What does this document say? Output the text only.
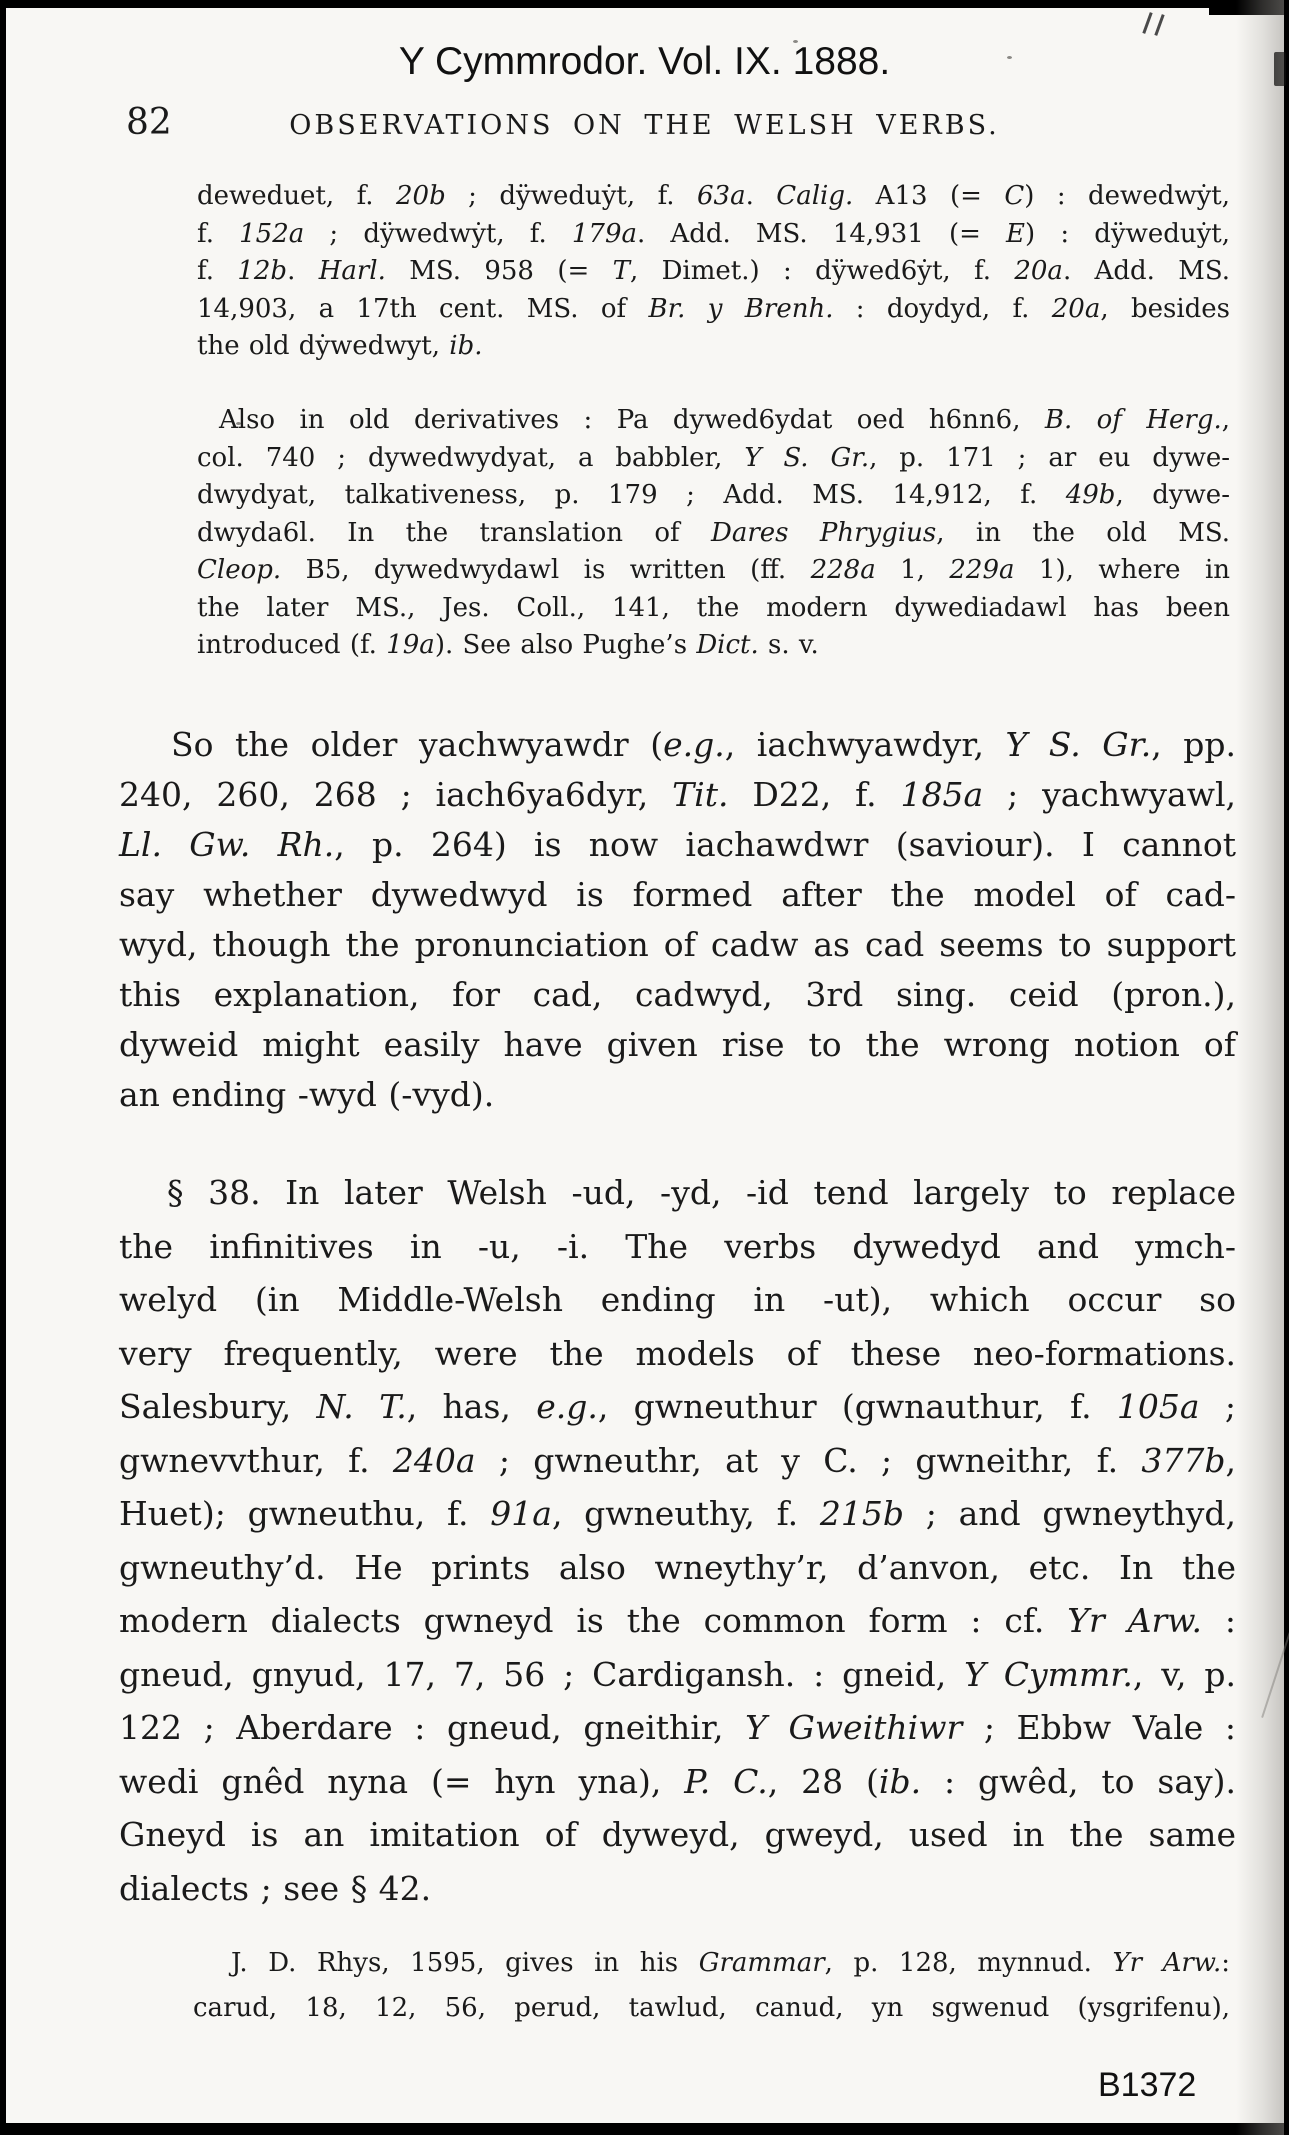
Y Cymmrodor. Vol. IX. 1888.
82	OBSERVATIONS ON THE WELSH VERBS.
deweduet, f. 20b ; dÿweduẏt, f. 63a. Calig. A13 (= C) : dewedwẏt,
f. 152a ; dÿwedwẏt, f. 179a. Add. MS. 14,931 (= E) : dÿweduẏt,
f. 12b. Harl. MS. 958 (= T, Dimet.) : dÿwed6ẏt, f. 20a. Add. MS.
14,903, a 17th cent. MS. of Br. y Brenh. : doydyd, f. 20a, besides
the old dẏwedwyt, ib.
Also in old derivatives : Pa dywed6ydat oed h6nn6, B. of Herg.,
col. 740 ; dywedwydyat, a babbler, Y S. Gr., p. 171 ; ar eu dywe-
dwydyat, talkativeness, p. 179 ; Add. MS. 14,912, f. 49b, dywe-
dwyda6l. In the translation of Dares Phrygius, in the old MS.
Cleop. B5, dywedwydawl is written (ff. 228a 1, 229a 1), where in
the later MS., Jes. Coll., 141, the modern dywediadawl has been
introduced (f. 19a). See also Pughe’s Dict. s. v.
So the older yachwyawdr (e.g., iachwyawdyr, Y S. Gr., pp.
240, 260, 268 ; iach6ya6dyr, Tit. D22, f. 185a ; yachwyawl,
Ll. Gw. Rh., p. 264) is now iachawdwr (saviour). I cannot
say whether dywedwyd is formed after the model of cad-
wyd, though the pronunciation of cadw as cad seems to support
this explanation, for cad, cadwyd, 3rd sing. ceid (pron.),
dyweid might easily have given rise to the wrong notion of
an ending -wyd (-vyd).
§ 38. In later Welsh -ud, -yd, -id tend largely to replace
the infinitives in -u, -i. The verbs dywedyd and ymch-
welyd (in Middle-Welsh ending in -ut), which occur so
very frequently, were the models of these neo-formations.
Salesbury, N. T., has, e.g., gwneuthur (gwnauthur, f. 105a ;
gwnevvthur, f. 240a ; gwneuthr, at y C. ; gwneithr, f. 377b,
Huet); gwneuthu, f. 91a, gwneuthy, f. 215b ; and gwneythyd,
gwneuthy’d. He prints also wneythy’r, d’anvon, etc. In the
modern dialects gwneyd is the common form : cf. Yr Arw. :
gneud, gnyud, 17, 7, 56 ; Cardigansh. : gneid, Y Cymmr., v, p.
122 ; Aberdare : gneud, gneithir, Y Gweithiwr ; Ebbw Vale :
wedi gnêd nyna (= hyn yna), P. C., 28 (ib. : gwêd, to say).
Gneyd is an imitation of dyweyd, gweyd, used in the same
dialects ; see § 42.
J. D. Rhys, 1595, gives in his Grammar, p. 128, mynnud. Yr Arw.:
carud, 18, 12, 56, perud, tawlud, canud, yn sgwenud (ysgrifenu),
B1372
